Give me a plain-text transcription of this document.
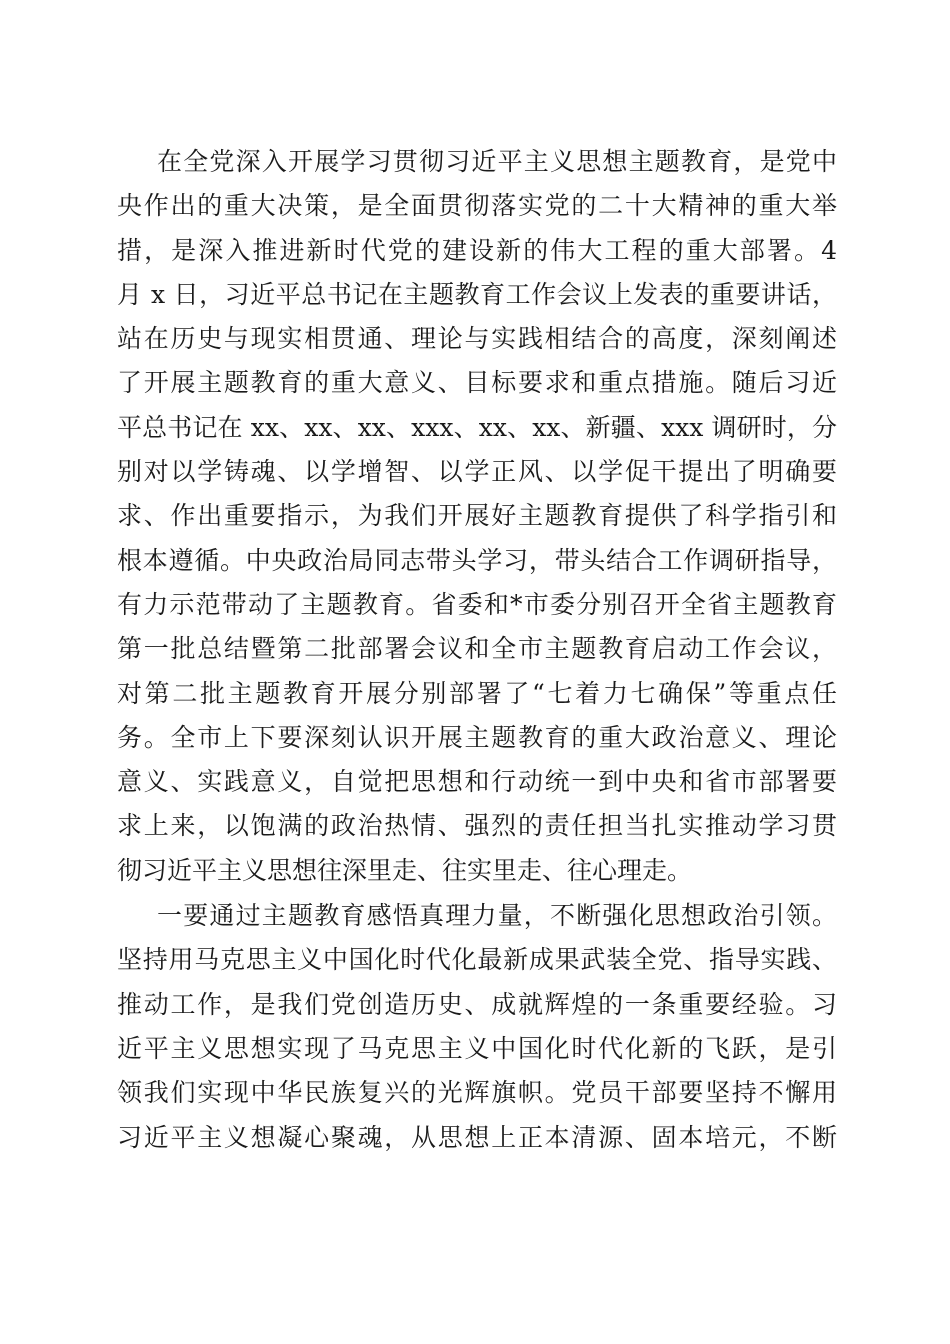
在全党深入开展学习贯彻习近平主义思想主题教育，是党中
央作出的重大决策，是全面贯彻落实党的二十大精神的重大举
措，是深入推进新时代党的建设新的伟大工程的重大部署。4
月 x 日，习近平总书记在主题教育工作会议上发表的重要讲话，
站在历史与现实相贯通、理论与实践相结合的高度，深刻阐述
了开展主题教育的重大意义、目标要求和重点措施。随后习近
平总书记在 xx、xx、xx、xxx、xx、xx、新疆、xxx 调研时，分
别对以学铸魂、以学增智、以学正风、以学促干提出了明确要
求、作出重要指示，为我们开展好主题教育提供了科学指引和
根本遵循。中央政治局同志带头学习，带头结合工作调研指导，
有力示范带动了主题教育。省委和*市委分别召开全省主题教育
第一批总结暨第二批部署会议和全市主题教育启动工作会议，
对第二批主题教育开展分别部署了“七着力七确保”等重点任
务。全市上下要深刻认识开展主题教育的重大政治意义、理论
意义、实践意义，自觉把思想和行动统一到中央和省市部署要
求上来，以饱满的政治热情、强烈的责任担当扎实推动学习贯
彻习近平主义思想往深里走、往实里走、往心理走。
一要通过主题教育感悟真理力量，不断强化思想政治引领。
坚持用马克思主义中国化时代化最新成果武装全党、指导实践、
推动工作，是我们党创造历史、成就辉煌的一条重要经验。习
近平主义思想实现了马克思主义中国化时代化新的飞跃，是引
领我们实现中华民族复兴的光辉旗帜。党员干部要坚持不懈用
习近平主义想凝心聚魂，从思想上正本清源、固本培元，不断
